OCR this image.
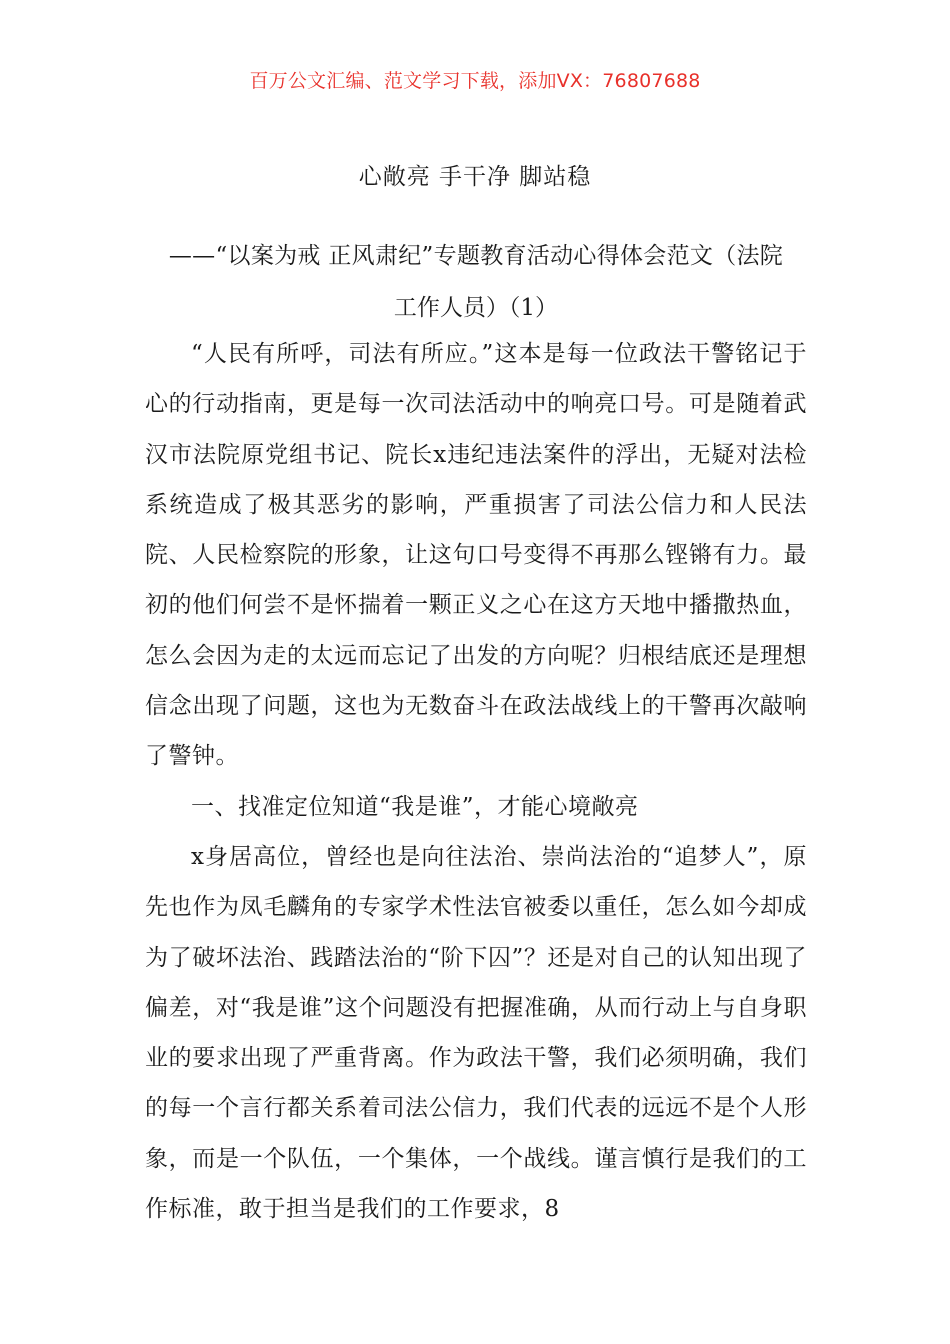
百万公文汇编、范文学习下载，添加VX：76807688
心敞亮 手干净 脚站稳
——“以案为戒 正风肃纪”专题教育活动心得体会范文（法院
工作人员）（1）

“人民有所呼，司法有所应。”这本是每一位政法干警铭记于心的行动指南，更是每一次司法活动中的响亮口号。可是随着武汉市法院原党组书记、院长x违纪违法案件的浮出，无疑对法检系统造成了极其恶劣的影响，严重损害了司法公信力和人民法院、人民检察院的形象，让这句口号变得不再那么铿锵有力。最初的他们何尝不是怀揣着一颗正义之心在这方天地中播撒热血，怎么会因为走的太远而忘记了出发的方向呢？归根结底还是理想信念出现了问题，这也为无数奋斗在政法战线上的干警再次敲响了警钟。

一、找准定位知道“我是谁”，才能心境敞亮

x身居高位，曾经也是向往法治、崇尚法治的“追梦人”，原先也作为凤毛麟角的专家学术性法官被委以重任，怎么如今却成为了破坏法治、践踏法治的“阶下囚”？还是对自己的认知出现了偏差，对“我是谁”这个问题没有把握准确，从而行动上与自身职业的要求出现了严重背离。作为政法干警，我们必须明确，我们的每一个言行都关系着司法公信力，我们代表的远远不是个人形象，而是一个队伍，一个集体，一个战线。谨言慎行是我们的工作标准，敢于担当是我们的工作要求，8
